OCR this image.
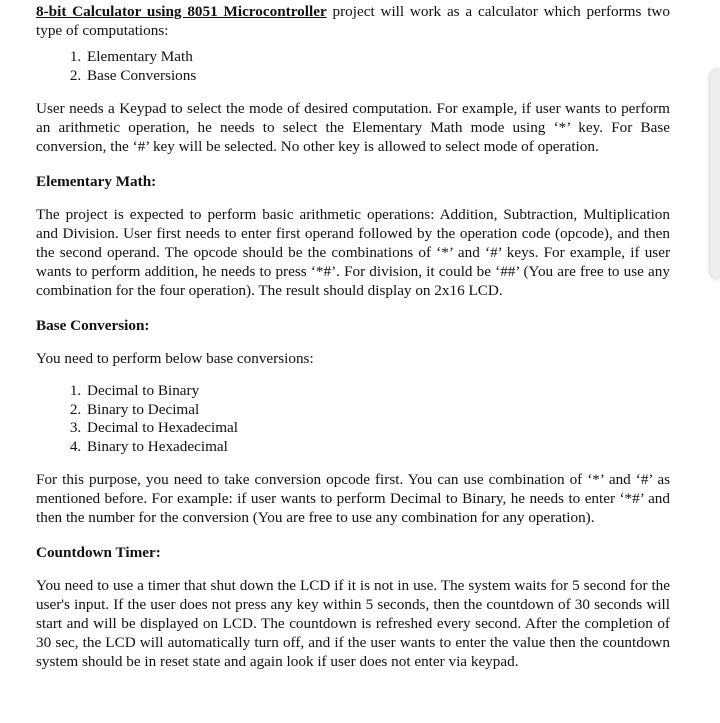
8-bit Calculator using 8051 Microcontroller project will work as a calculator which performs two type of computations:

1. Elementary Math
2. Base Conversions

User needs a Keypad to select the mode of desired computation. For example, if user wants to perform an arithmetic operation, he needs to select the Elementary Math mode using ‘*’ key. For Base conversion, the ‘#’ key will be selected. No other key is allowed to select mode of operation.

Elementary Math:

The project is expected to perform basic arithmetic operations: Addition, Subtraction, Multiplication and Division. User first needs to enter first operand followed by the operation code (opcode), and then the second operand. The opcode should be the combinations of ‘*’ and ‘#’ keys. For example, if user wants to perform addition, he needs to press ‘*#’. For division, it could be ‘##’ (You are free to use any combination for the four operation). The result should display on 2x16 LCD.

Base Conversion:

You need to perform below base conversions:

1. Decimal to Binary
2. Binary to Decimal
3. Decimal to Hexadecimal
4. Binary to Hexadecimal

For this purpose, you need to take conversion opcode first. You can use combination of ‘*’ and ‘#’ as mentioned before. For example: if user wants to perform Decimal to Binary, he needs to enter ‘*#’ and then the number for the conversion (You are free to use any combination for any operation).

Countdown Timer:

You need to use a timer that shut down the LCD if it is not in use. The system waits for 5 second for the user's input. If the user does not press any key within 5 seconds, then the countdown of 30 seconds will start and will be displayed on LCD. The countdown is refreshed every second. After the completion of 30 sec, the LCD will automatically turn off, and if the user wants to enter the value then the countdown system should be in reset state and again look if user does not enter via keypad.
